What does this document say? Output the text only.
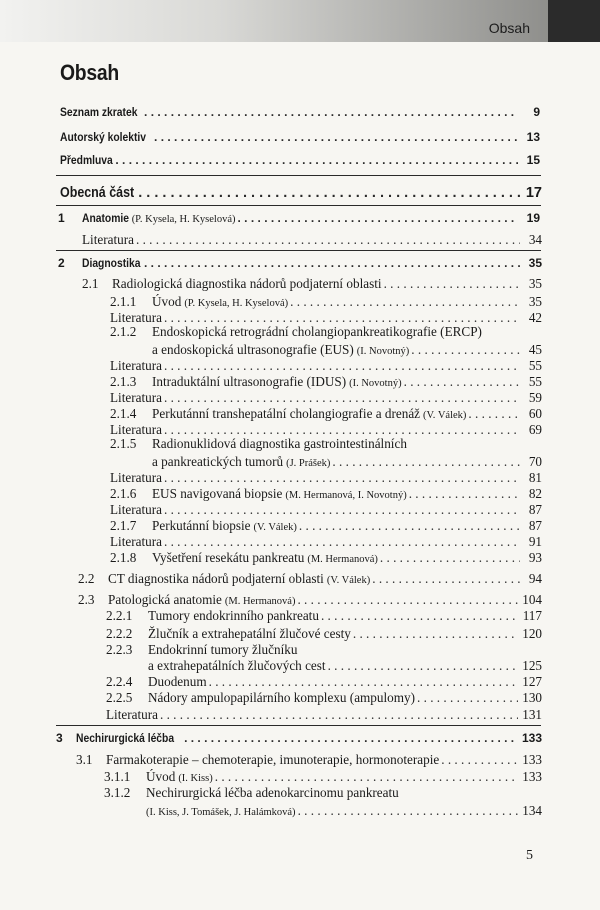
Obsah
Obsah
Seznam zkratek . . .	9
Autorský kolektiv . . .	13
Předmluva . . .	15
Obecná část . . .	17
1 Anatomie (P. Kysela, H. Kyselová) . . .	19
Literatura . . .	34
2 Diagnostika . . .	35
2.1 Radiologická diagnostika nádorů podjaterní oblasti . . .	35
2.1.1 Úvod (P. Kysela, H. Kyselová) . . .	35
Literatura . . .	42
2.1.2 Endoskopická retrográdní cholangiopankreatikografie (ERCP)
a endoskopická ultrasonografie (EUS) (I. Novotný) . . .	45
Literatura . . .	55
2.1.3 Intraduktální ultrasonografie (IDUS) (I. Novotný) . . .	55
Literatura . . .	59
2.1.4 Perkutánní transhepatální cholangiografie a drenáž (V. Válek) . . .	60
Literatura . . .	69
2.1.5 Radionuklidová diagnostika gastrointestinálních
a pankreatických tumorů (J. Prášek) . . .	70
Literatura . . .	81
2.1.6 EUS navigovaná biopsie (M. Hermanová, I. Novotný) . . .	82
Literatura . . .	87
2.1.7 Perkutánní biopsie (V. Válek) . . .	87
Literatura . . .	91
2.1.8 Vyšetření resekátu pankreatu (M. Hermanová) . . .	93
2.2 CT diagnostika nádorů podjaterní oblasti (V. Válek) . . .	94
2.3 Patologická anatomie (M. Hermanová) . . .	104
2.2.1 Tumory endokrinního pankreatu . . .	117
2.2.2 Žlučník a extrahepatální žlučové cesty . . .	120
2.2.3 Endokrinní tumory žlučníku
a extrahepatálních žlučových cest . . .	125
2.2.4 Duodenum . . .	127
2.2.5 Nádory ampulopapilárního komplexu (ampulomy) . . .	130
Literatura . . .	131
3 Nechirurgická léčba . . .	133
3.1 Farmakoterapie – chemoterapie, imunoterapie, hormonoterapie . . .	133
3.1.1 Úvod (I. Kiss) . . .	133
3.1.2 Nechirurgická léčba adenokarcinomu pankreatu
(I. Kiss, J. Tomášek, J. Halámková) . . .	134
5
